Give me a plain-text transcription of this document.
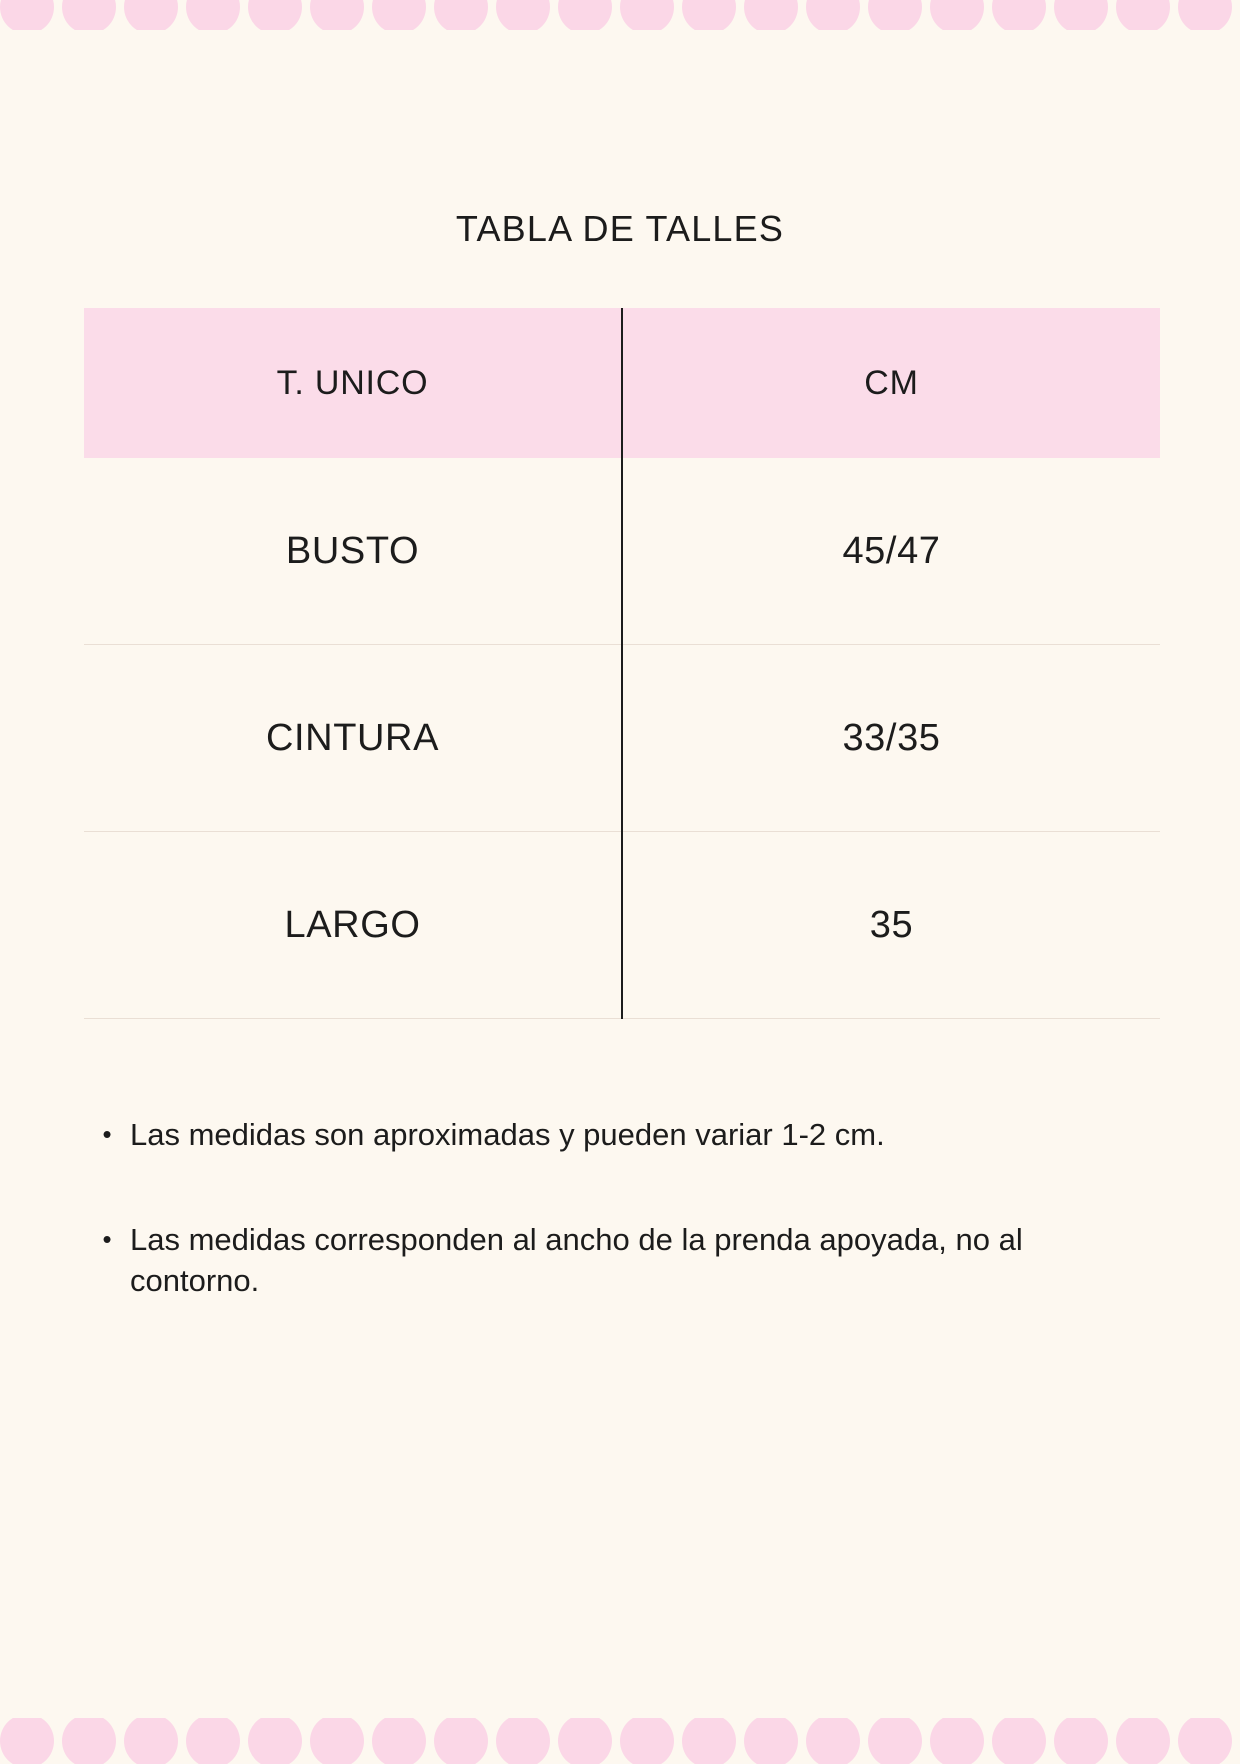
TABLA DE TALLES
T. UNICO	CM
BUSTO	45/47
CINTURA	33/35
LARGO	35
• Las medidas son aproximadas y pueden variar 1-2 cm.
• Las medidas corresponden al ancho de la prenda apoyada, no al contorno.
